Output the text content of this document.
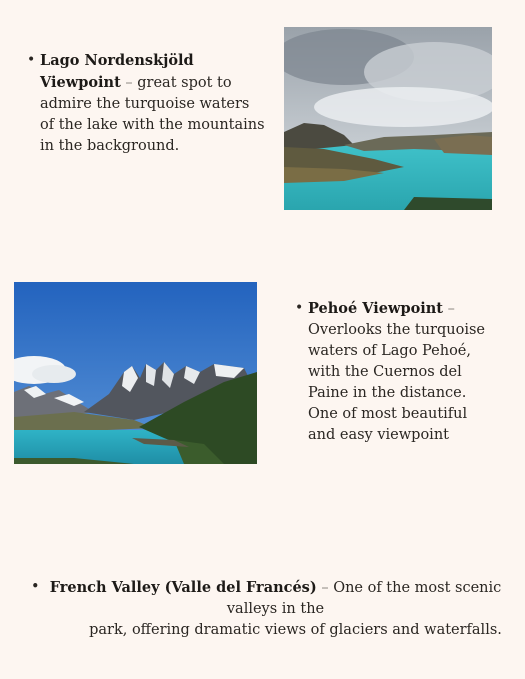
• Lago Nordenskjöld Viewpoint – great spot to admire the turquoise waters of the lake with the mountains in the background.
• Pehoé Viewpoint – Overlooks the turquoise waters of Lago Pehoé, with the Cuernos del Paine in the distance. One of most beautiful and easy viewpoint
• French Valley (Valle del Francés) – One of the most scenic valleys in the
park, offering dramatic views of glaciers and waterfalls.
